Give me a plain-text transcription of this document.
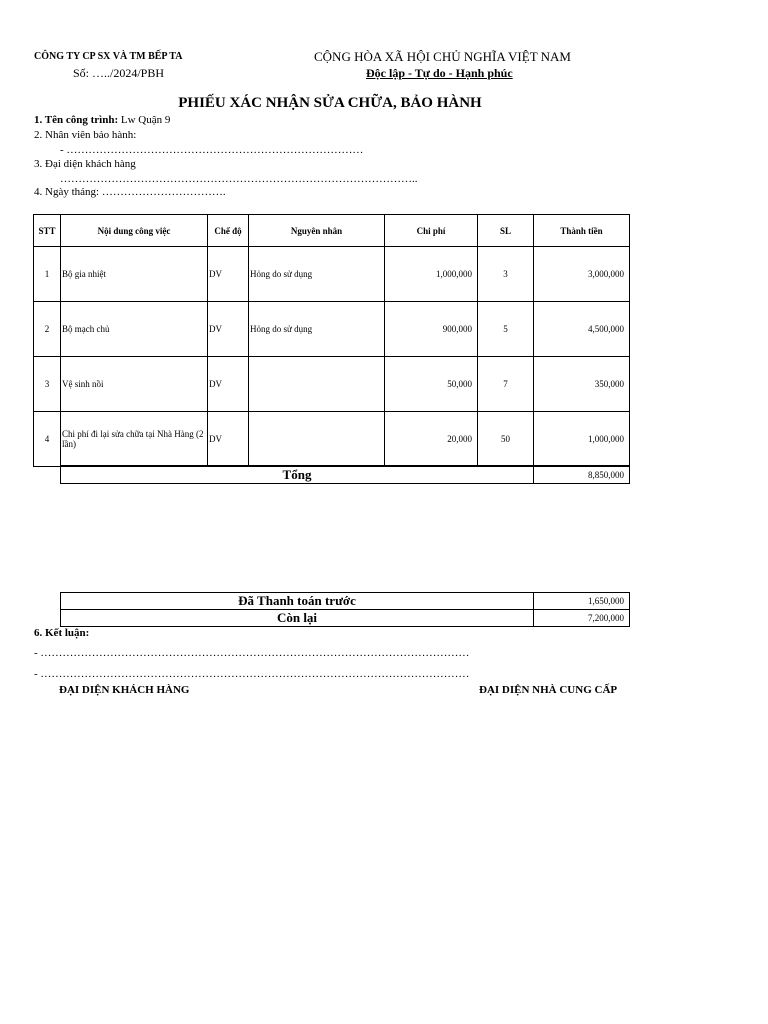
CÔNG TY CP SX VÀ TM BẾP TA
Số: …../2024/PBH
CỘNG HÒA XÃ HỘI CHỦ NGHĨA VIỆT NAM
Độc lập - Tự do - Hạnh phúc
PHIẾU XÁC NHẬN SỬA CHỮA, BẢO HÀNH
1. Tên công trình: Lw Quận 9
2. Nhân viên bảo hành:
- ………………………………………………………………………
3. Đại diện khách hàng
……………………………………………………………………………………..
4. Ngày tháng: …………………………….
STT	Nội dung công việc	Chế độ	Nguyên nhân	Chi phí	SL	Thành tiền
1	Bộ gia nhiệt	DV	Hỏng do sử dụng	1,000,000	3	3,000,000
2	Bộ mạch chủ	DV	Hỏng do sử dụng	900,000	5	4,500,000
3	Vệ sinh nồi	DV		50,000	7	350,000
4	Chi phí đi lại sửa chữa tại Nhà Hàng (2 lần)	DV		20,000	50	1,000,000
Tổng	8,850,000
Đã Thanh toán trước	1,650,000
Còn lại	7,200,000
6. Kết luận:
- ………………………………………………………………………………………………………
- ………………………………………………………………………………………………………
ĐẠI DIỆN KHÁCH HÀNG	ĐẠI DIỆN NHÀ CUNG CẤP
